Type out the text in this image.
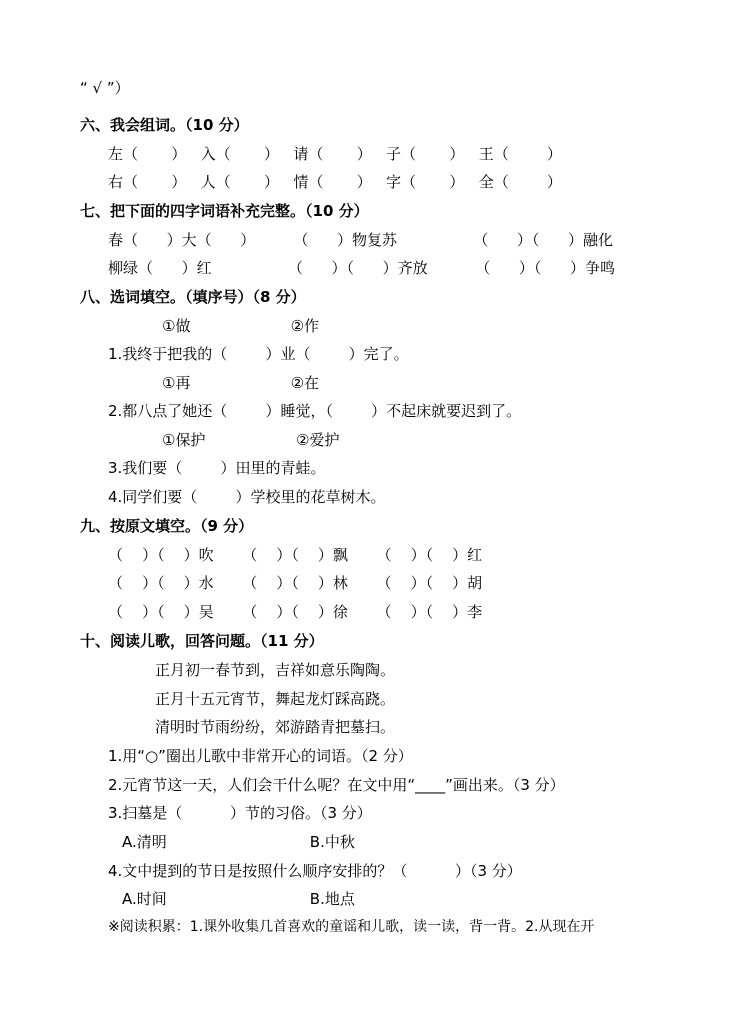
“ √ ”）
六、我会组词。（10 分）
左（       ）   入（       ）   请（       ）   子（       ）   王（        ）
右（       ）   人（       ）   情（       ）   字（       ）   全（        ）
七、把下面的四字词语补充完整。（10 分）
春（      ）大（      ）        （      ）物复苏                （      ）（      ）融化
柳绿（      ）红                （      ）（      ）齐放          （      ）（      ）争鸣
八、选词填空。（填序号）（8 分）
①做                     ②作
1.我终于把我的（        ）业（        ）完了。
①再                     ②在
2.都八点了她还（        ）睡觉，（        ）不起床就要迟到了。
①保护                   ②爱护
3.我们要（        ）田里的青蛙。
4.同学们要（        ）学校里的花草树木。
九、按原文填空。（9 分）
（    ）（    ）吹      （    ）（    ）飘      （    ）（    ）红
（    ）（    ）水      （    ）（    ）林      （    ）（    ）胡
（    ）（    ）吴      （    ）（    ）徐      （    ）（    ）李
十、阅读儿歌，回答问题。（11 分）
正月初一春节到，吉祥如意乐陶陶。
正月十五元宵节，舞起龙灯踩高跷。
清明时节雨纷纷，郊游踏青把墓扫。
1.用“○”圈出儿歌中非常开心的词语。（2 分）
2.元宵节这一天，人们会干什么呢？在文中用“____”画出来。（3 分）
3.扫墓是（          ）节的习俗。（3 分）
A.清明                              B.中秋
4.文中提到的节日是按照什么顺序安排的？（          ）（3 分）
A.时间                              B.地点
※阅读积累：1.课外收集几首喜欢的童谣和儿歌，读一读，背一背。2.从现在开
